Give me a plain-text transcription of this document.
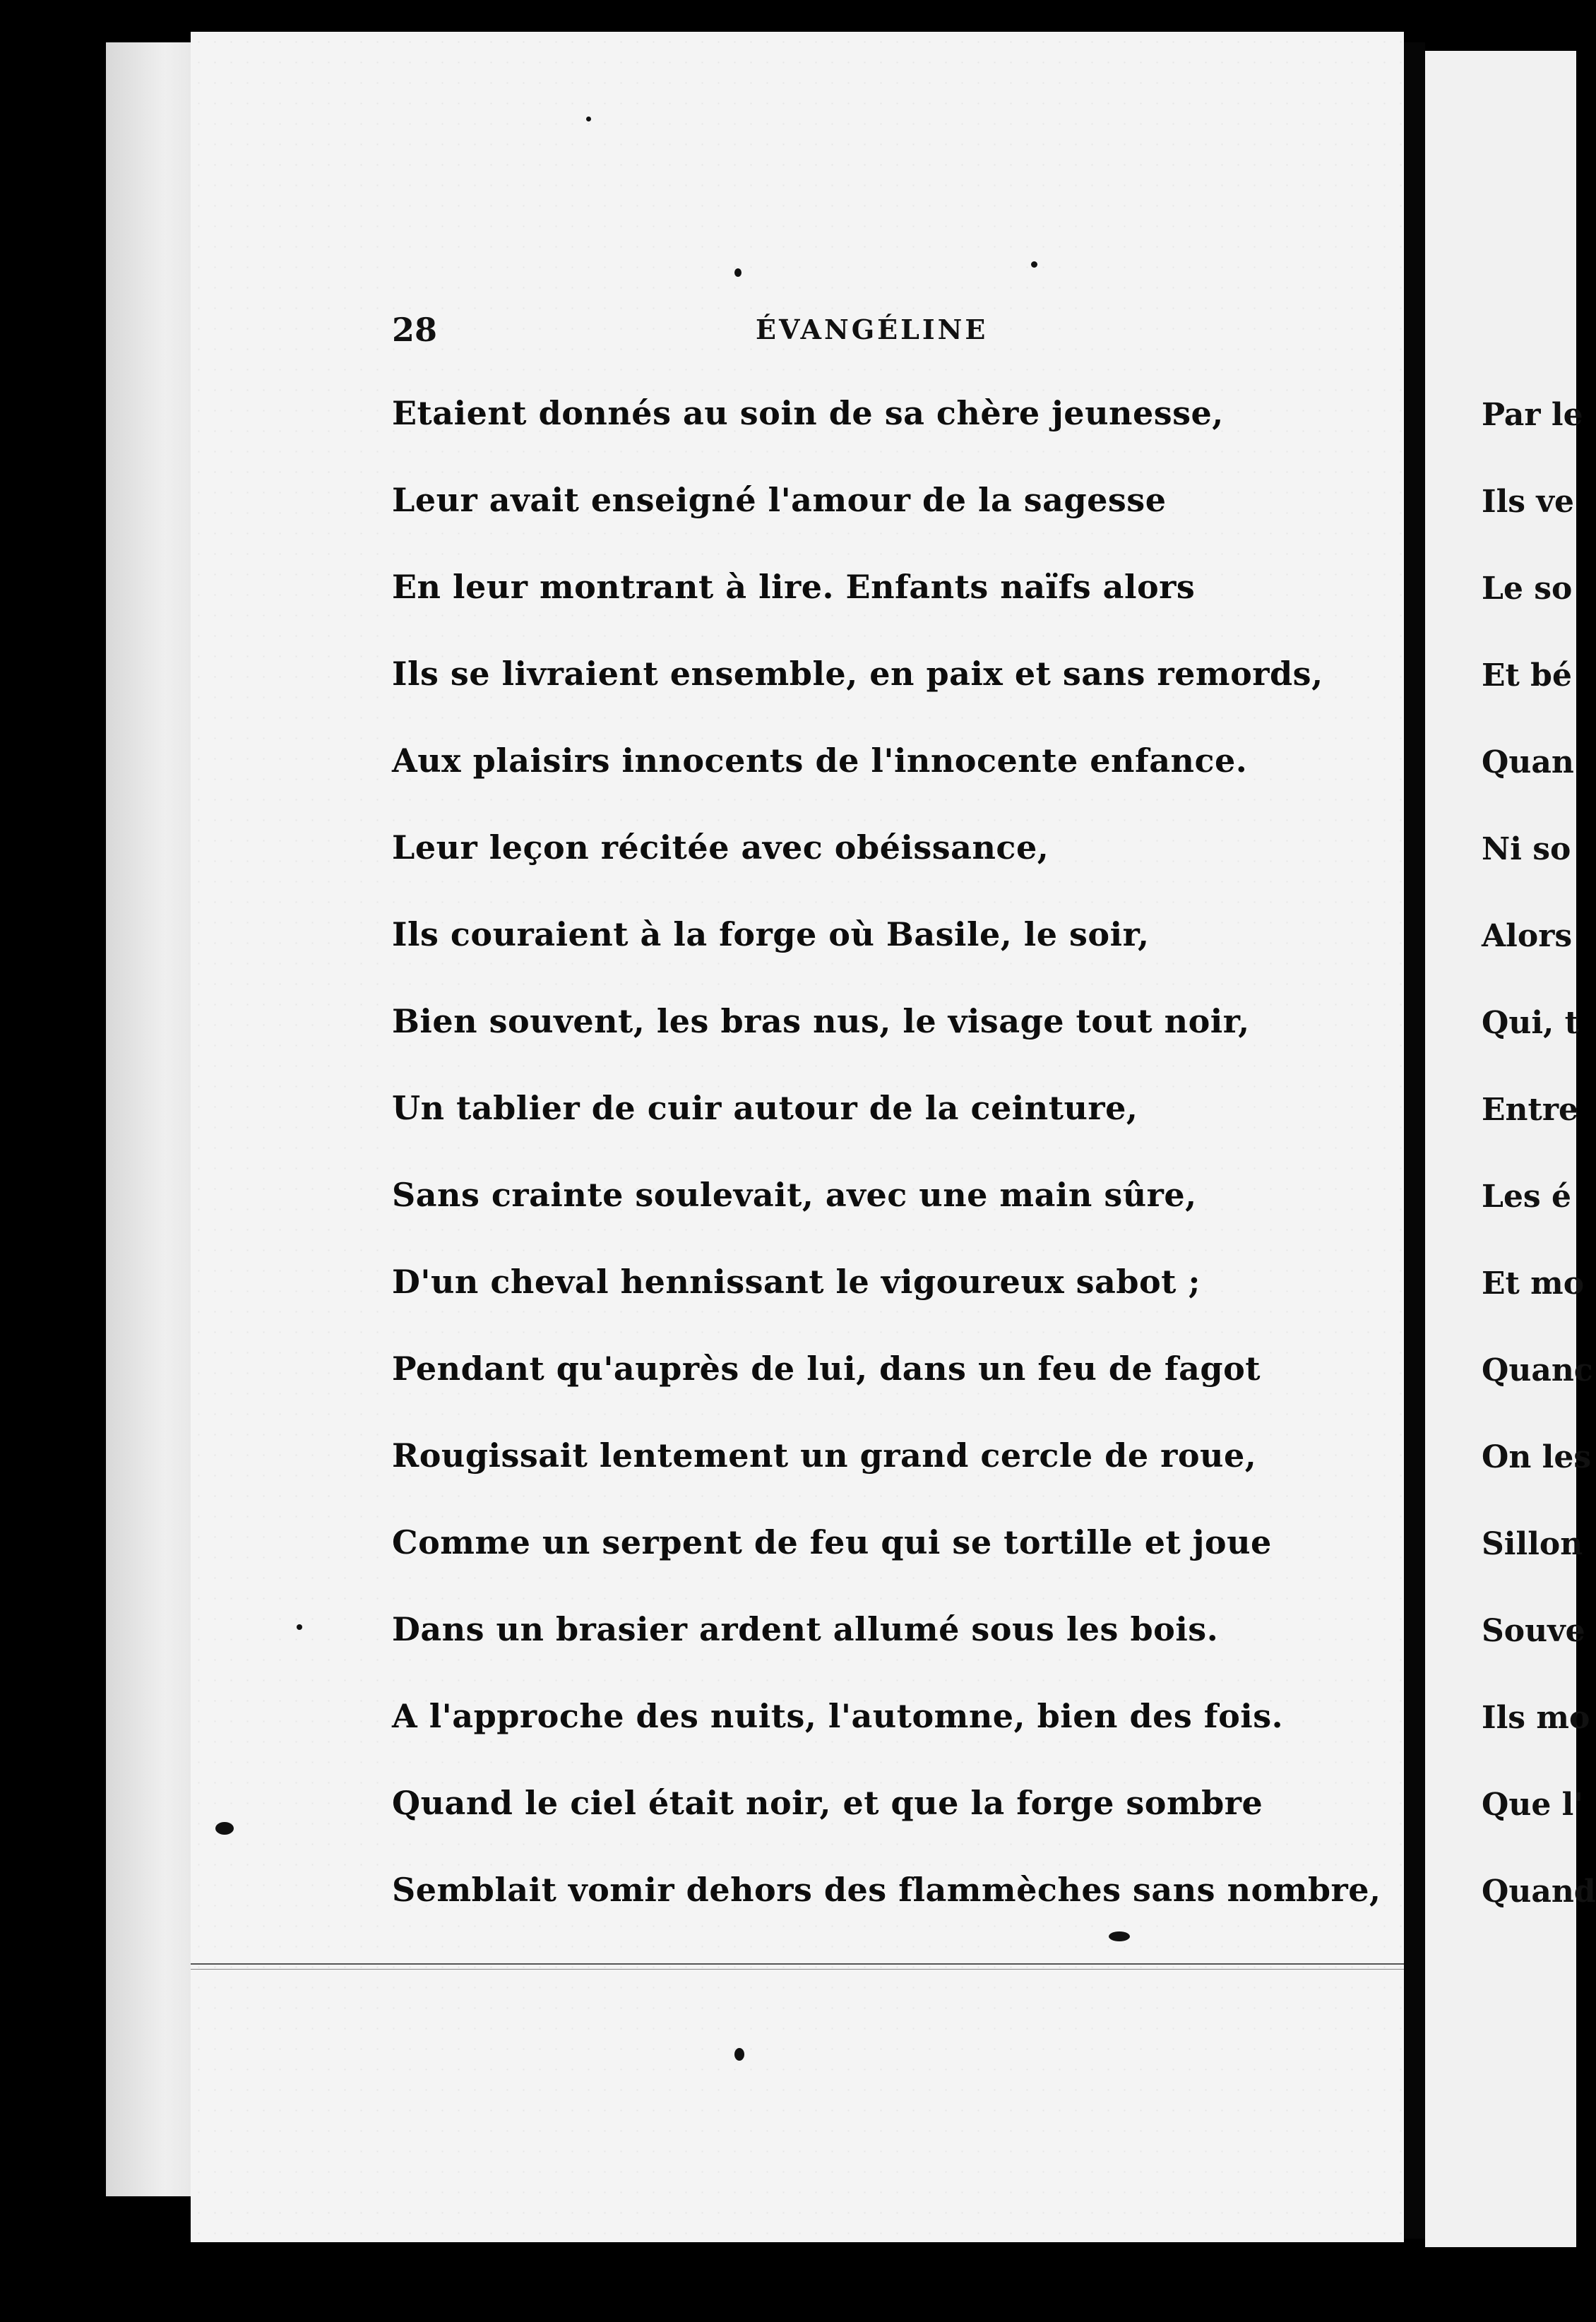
Par le
Ils ve
Le so
Et bé
Quan
Ni so
Alors
Qui, t
Entre
Les é
Et mo
Quanc
On les
Sillon
Souve
Ils mo
Que l'
Quand
28	ÉVANGÉLINE
Etaient donnés au soin de sa chère jeunesse,
Leur avait enseigné l'amour de la sagesse
En leur montrant à lire. Enfants naïfs alors
Ils se livraient ensemble, en paix et sans remords,
Aux plaisirs innocents de l'innocente enfance.
Leur leçon récitée avec obéissance,
Ils couraient à la forge où Basile, le soir,
Bien souvent, les bras nus, le visage tout noir,
Un tablier de cuir autour de la ceinture,
Sans crainte soulevait, avec une main sûre,
D'un cheval hennissant le vigoureux sabot ;
Pendant qu'auprès de lui, dans un feu de fagot
Rougissait lentement un grand cercle de roue,
Comme un serpent de feu qui se tortille et joue
Dans un brasier ardent allumé sous les bois.
A l'approche des nuits, l'automne, bien des fois.
Quand le ciel était noir, et que la forge sombre
Semblait vomir dehors des flammèches sans nombre,
